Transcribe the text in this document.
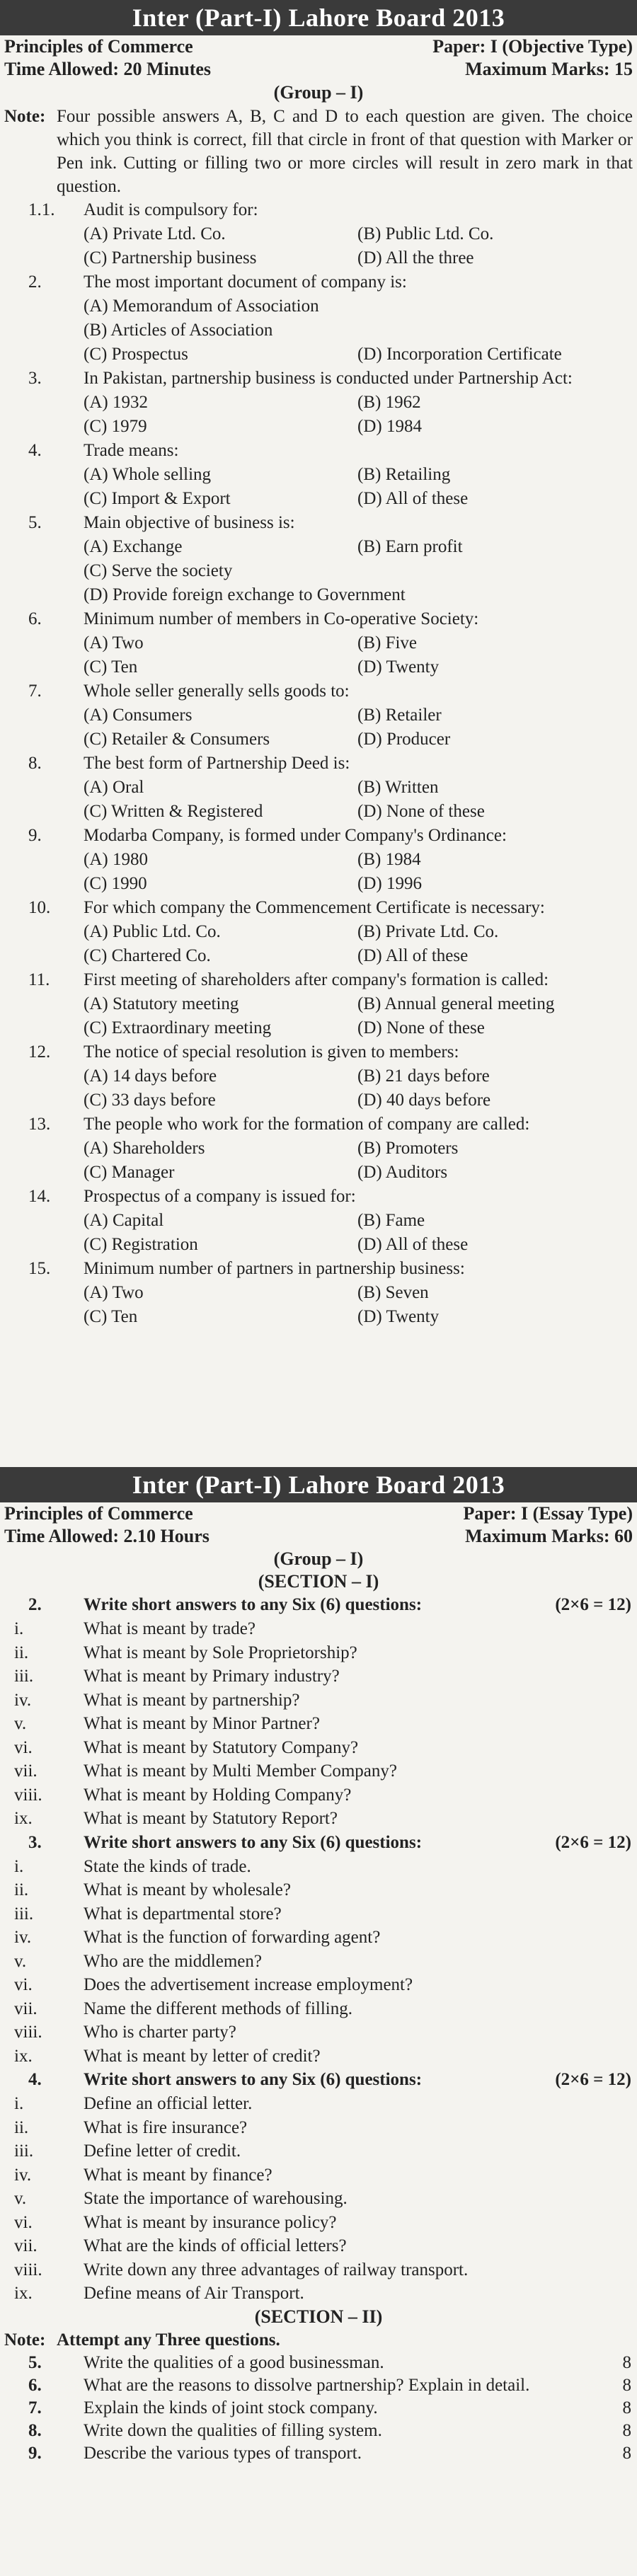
Inter (Part-I) Lahore Board 2013
Principles of Commerce	Paper: I (Objective Type)
Time Allowed: 20 Minutes	Maximum Marks: 15
(Group – I)
Note: Four possible answers A, B, C and D to each question are given. The choice which you think is correct, fill that circle in front of that question with Marker or Pen ink. Cutting or filling two or more circles will result in zero mark in that question.
1.1.	Audit is compulsory for:
(A) Private Ltd. Co.	(B) Public Ltd. Co.
(C) Partnership business	(D) All the three
2.	The most important document of company is:
(A) Memorandum of Association
(B) Articles of Association
(C) Prospectus	(D) Incorporation Certificate
3.	In Pakistan, partnership business is conducted under Partnership Act:
(A) 1932	(B) 1962
(C) 1979	(D) 1984
4.	Trade means:
(A) Whole selling	(B) Retailing
(C) Import & Export	(D) All of these
5.	Main objective of business is:
(A) Exchange	(B) Earn profit
(C) Serve the society
(D) Provide foreign exchange to Government
6.	Minimum number of members in Co-operative Society:
(A) Two	(B) Five
(C) Ten	(D) Twenty
7.	Whole seller generally sells goods to:
(A) Consumers	(B) Retailer
(C) Retailer & Consumers	(D) Producer
8.	The best form of Partnership Deed is:
(A) Oral	(B) Written
(C) Written & Registered	(D) None of these
9.	Modarba Company, is formed under Company's Ordinance:
(A) 1980	(B) 1984
(C) 1990	(D) 1996
10.	For which company the Commencement Certificate is necessary:
(A) Public Ltd. Co.	(B) Private Ltd. Co.
(C) Chartered Co.	(D) All of these
11.	First meeting of shareholders after company's formation is called:
(A) Statutory meeting	(B) Annual general meeting
(C) Extraordinary meeting	(D) None of these
12.	The notice of special resolution is given to members:
(A) 14 days before	(B) 21 days before
(C) 33 days before	(D) 40 days before
13.	The people who work for the formation of company are called:
(A) Shareholders	(B) Promoters
(C) Manager	(D) Auditors
14.	Prospectus of a company is issued for:
(A) Capital	(B) Fame
(C) Registration	(D) All of these
15.	Minimum number of partners in partnership business:
(A) Two	(B) Seven
(C) Ten	(D) Twenty
Inter (Part-I) Lahore Board 2013
Principles of Commerce	Paper: I (Essay Type)
Time Allowed: 2.10 Hours	Maximum Marks: 60
(Group – I)
(SECTION – I)
2.	Write short answers to any Six (6) questions:	(2×6 = 12)
i.	What is meant by trade?
ii.	What is meant by Sole Proprietorship?
iii.	What is meant by Primary industry?
iv.	What is meant by partnership?
v.	What is meant by Minor Partner?
vi.	What is meant by Statutory Company?
vii.	What is meant by Multi Member Company?
viii.	What is meant by Holding Company?
ix.	What is meant by Statutory Report?
3.	Write short answers to any Six (6) questions:	(2×6 = 12)
i.	State the kinds of trade.
ii.	What is meant by wholesale?
iii.	What is departmental store?
iv.	What is the function of forwarding agent?
v.	Who are the middlemen?
vi.	Does the advertisement increase employment?
vii.	Name the different methods of filling.
viii.	Who is charter party?
ix.	What is meant by letter of credit?
4.	Write short answers to any Six (6) questions:	(2×6 = 12)
i.	Define an official letter.
ii.	What is fire insurance?
iii.	Define letter of credit.
iv.	What is meant by finance?
v.	State the importance of warehousing.
vi.	What is meant by insurance policy?
vii.	What are the kinds of official letters?
viii.	Write down any three advantages of railway transport.
ix.	Define means of Air Transport.
(SECTION – II)
Note: Attempt any Three questions.
5.	Write the qualities of a good businessman.	8
6.	What are the reasons to dissolve partnership? Explain in detail.	8
7.	Explain the kinds of joint stock company.	8
8.	Write down the qualities of filling system.	8
9.	Describe the various types of transport.	8
